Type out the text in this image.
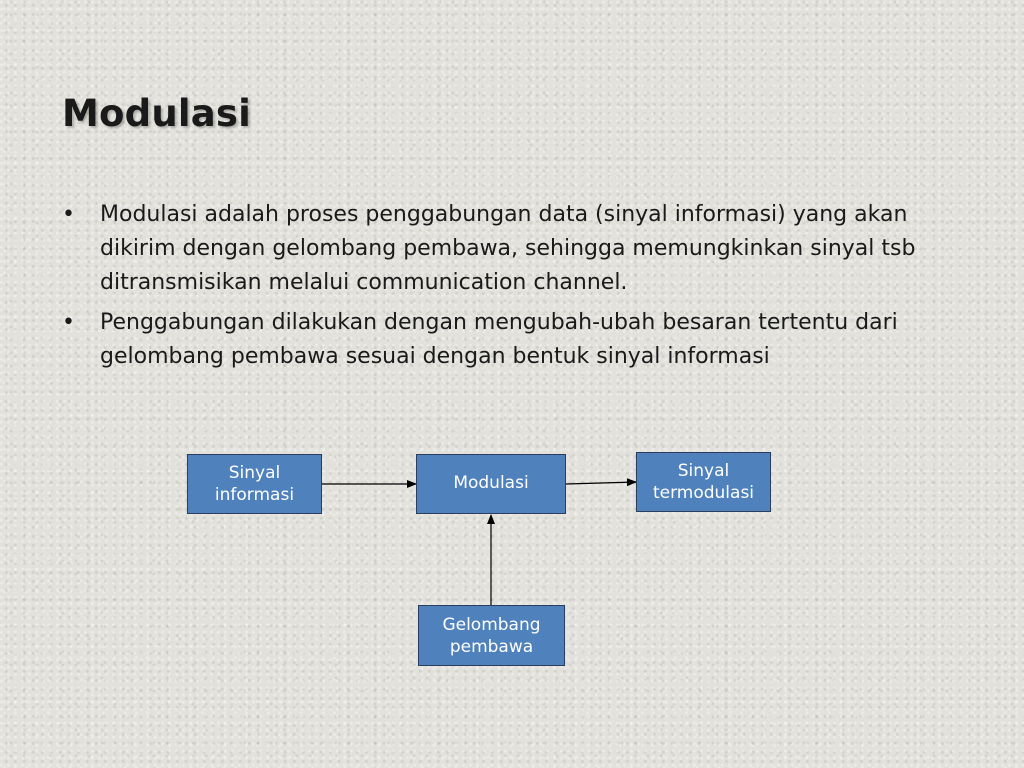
Modulasi
• Modulasi adalah proses penggabungan data (sinyal informasi) yang akan dikirim dengan gelombang pembawa, sehingga memungkinkan sinyal tsb ditransmisikan melalui communication channel.
• Penggabungan dilakukan dengan mengubah-ubah besaran tertentu dari gelombang pembawa sesuai dengan bentuk sinyal informasi
Sinyal
informasi
Modulasi
Sinyal
termodulasi
Gelombang
pembawa
